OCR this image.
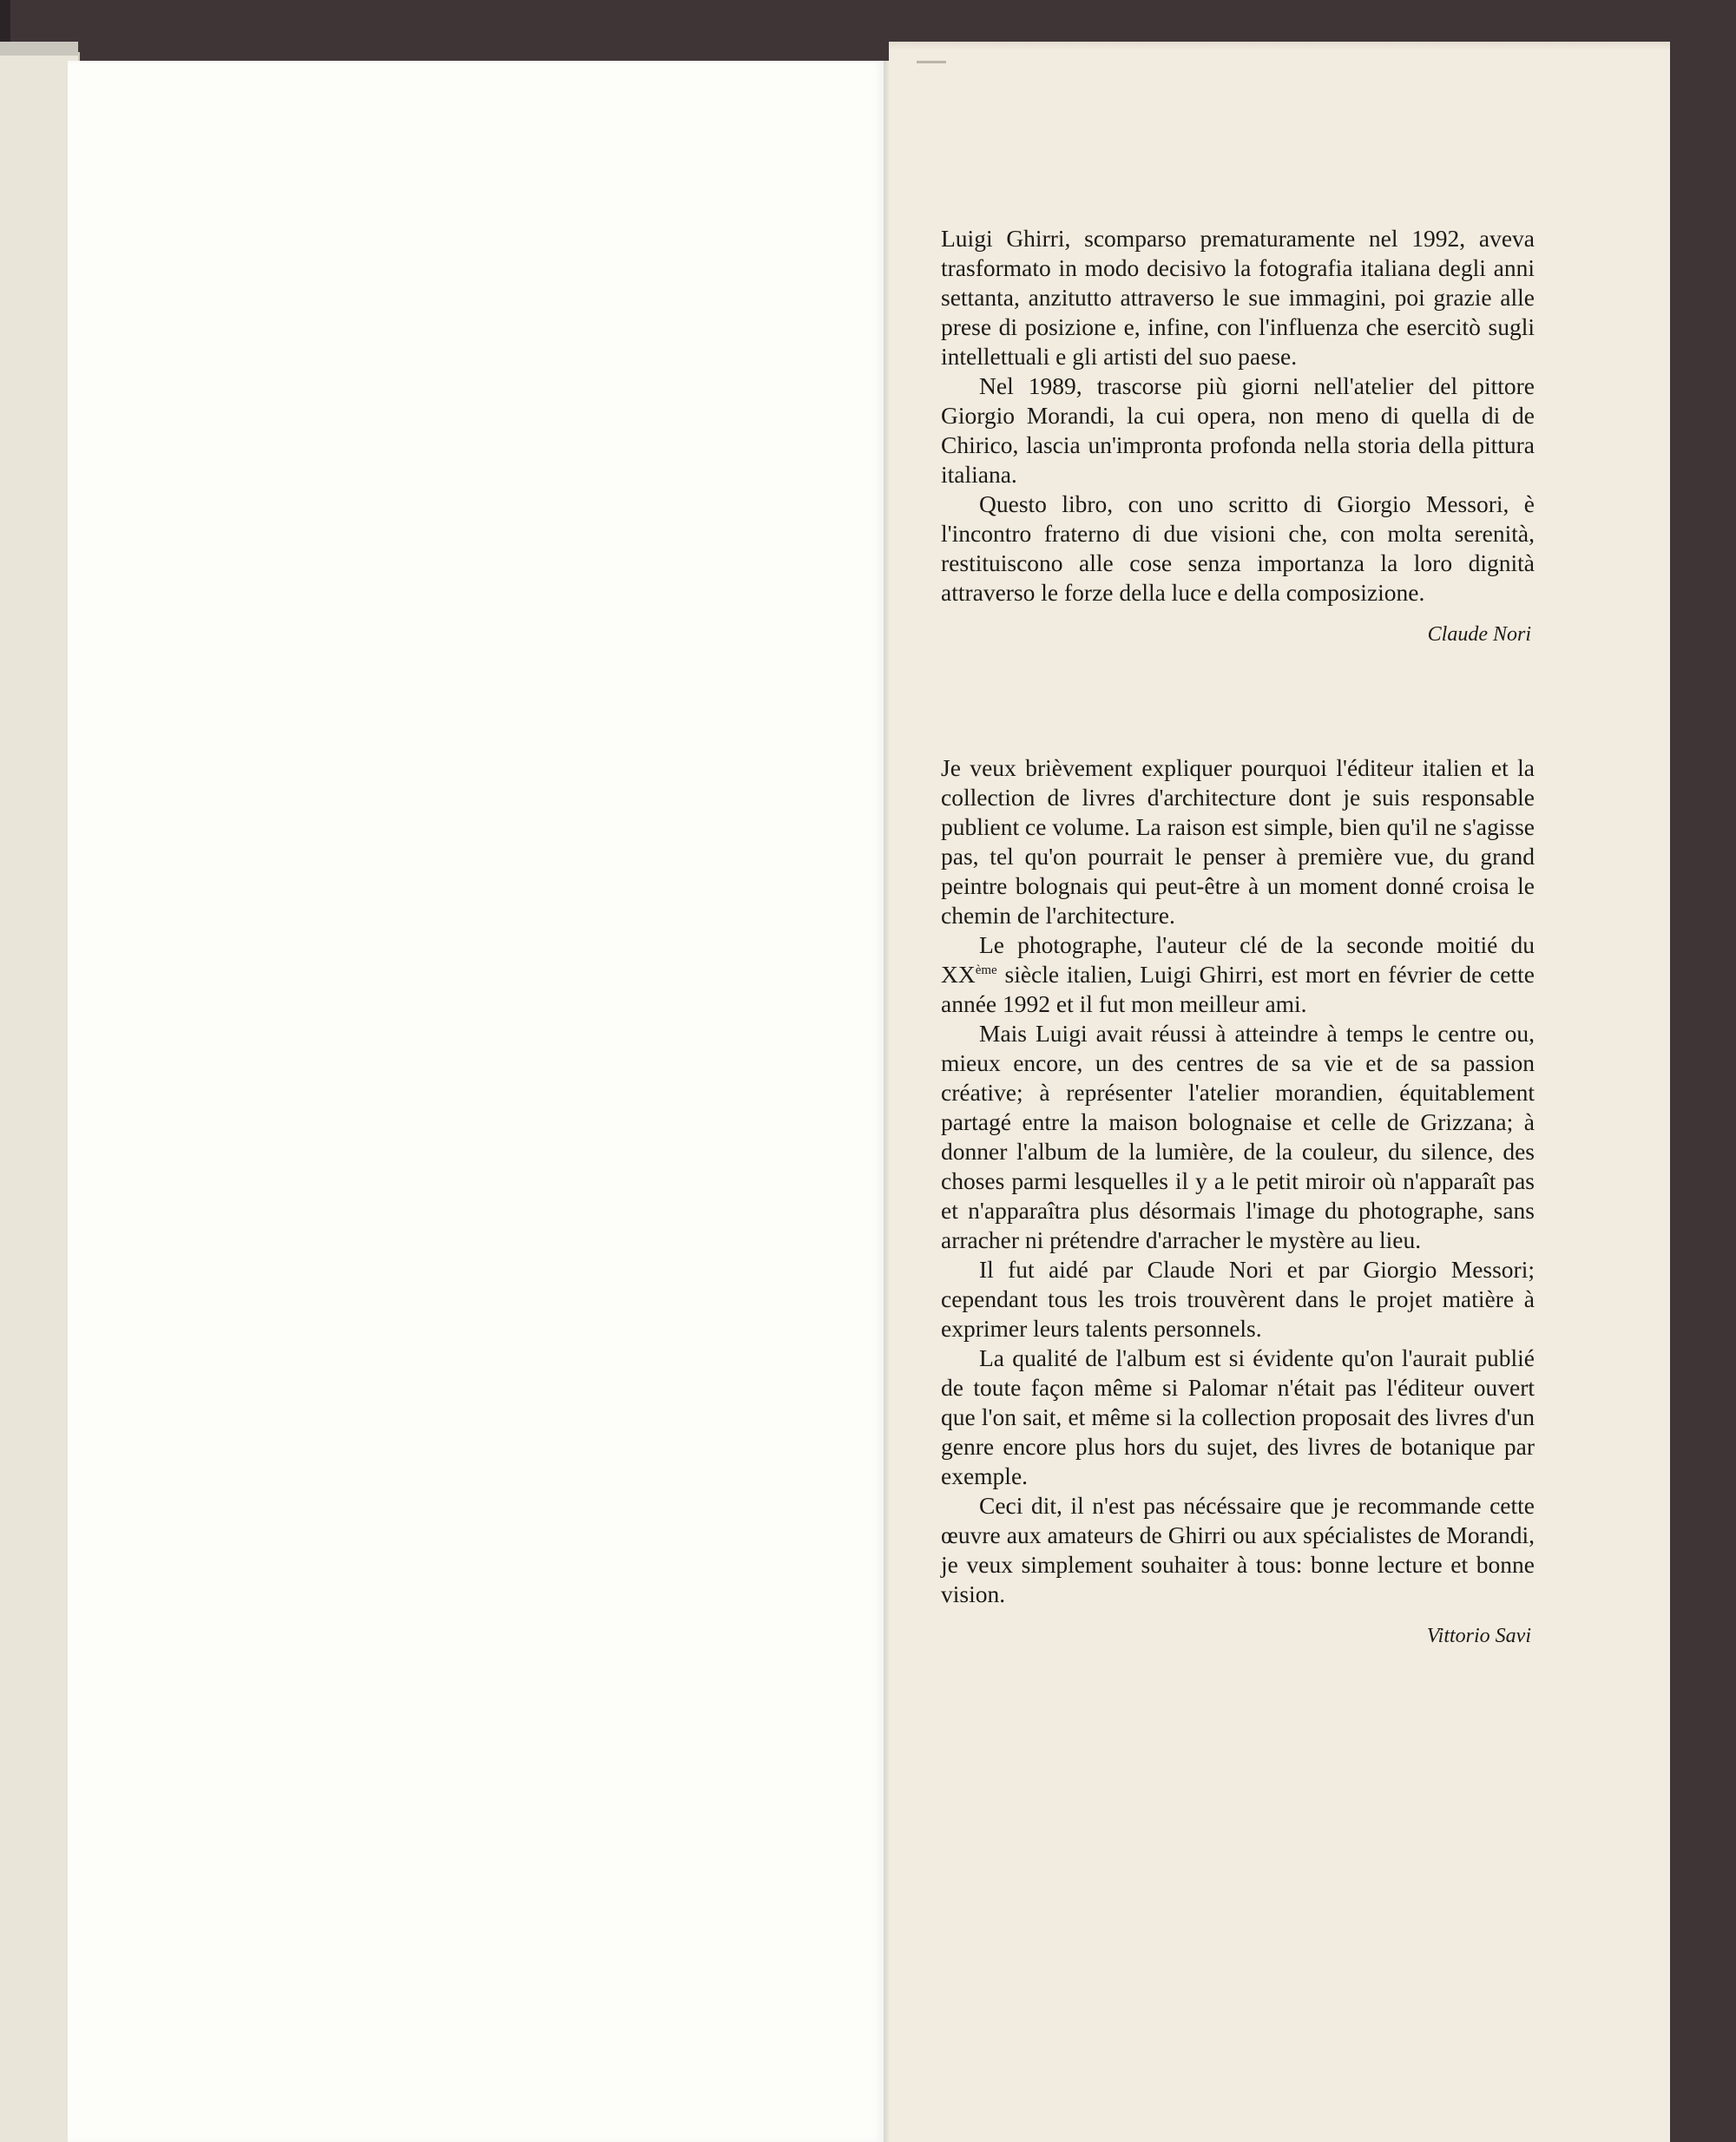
Luigi Ghirri, scomparso prematuramente nel 1992, aveva trasformato in modo decisivo la fotografia italiana degli anni settanta, anzitutto attraverso le sue immagini, poi grazie alle prese di posizione e, infine, con l'influenza che esercitò sugli intellettuali e gli artisti del suo paese.

Nel 1989, trascorse più giorni nell'atelier del pittore Giorgio Morandi, la cui opera, non meno di quella di de Chirico, lascia un'impronta profonda nella storia della pittura italiana.

Questo libro, con uno scritto di Giorgio Messori, è l'incontro fraterno di due visioni che, con molta serenità, restituiscono alle cose senza importanza la loro dignità attraverso le forze della luce e della composizione.

Claude Nori

Je veux brièvement expliquer pourquoi l'éditeur italien et la collection de livres d'architecture dont je suis responsable publient ce volume. La raison est simple, bien qu'il ne s'agisse pas, tel qu'on pourrait le penser à première vue, du grand peintre bolognais qui peut-être à un moment donné croisa le chemin de l'architecture.

Le photographe, l'auteur clé de la seconde moitié du XXème siècle italien, Luigi Ghirri, est mort en février de cette année 1992 et il fut mon meilleur ami.

Mais Luigi avait réussi à atteindre à temps le centre ou, mieux encore, un des centres de sa vie et de sa passion créative; à représenter l'atelier morandien, équitablement partagé entre la maison bolognaise et celle de Grizzana; à donner l'album de la lumière, de la couleur, du silence, des choses parmi lesquelles il y a le petit miroir où n'apparaît pas et n'apparaîtra plus désormais l'image du photographe, sans arracher ni prétendre d'arracher le mystère au lieu.

Il fut aidé par Claude Nori et par Giorgio Messori; cependant tous les trois trouvèrent dans le projet matière à exprimer leurs talents personnels.

La qualité de l'album est si évidente qu'on l'aurait publié de toute façon même si Palomar n'était pas l'éditeur ouvert que l'on sait, et même si la collection proposait des livres d'un genre encore plus hors du sujet, des livres de botanique par exemple.

Ceci dit, il n'est pas nécéssaire que je recommande cette œuvre aux amateurs de Ghirri ou aux spécialistes de Morandi, je veux simplement souhaiter à tous: bonne lecture et bonne vision.

Vittorio Savi
